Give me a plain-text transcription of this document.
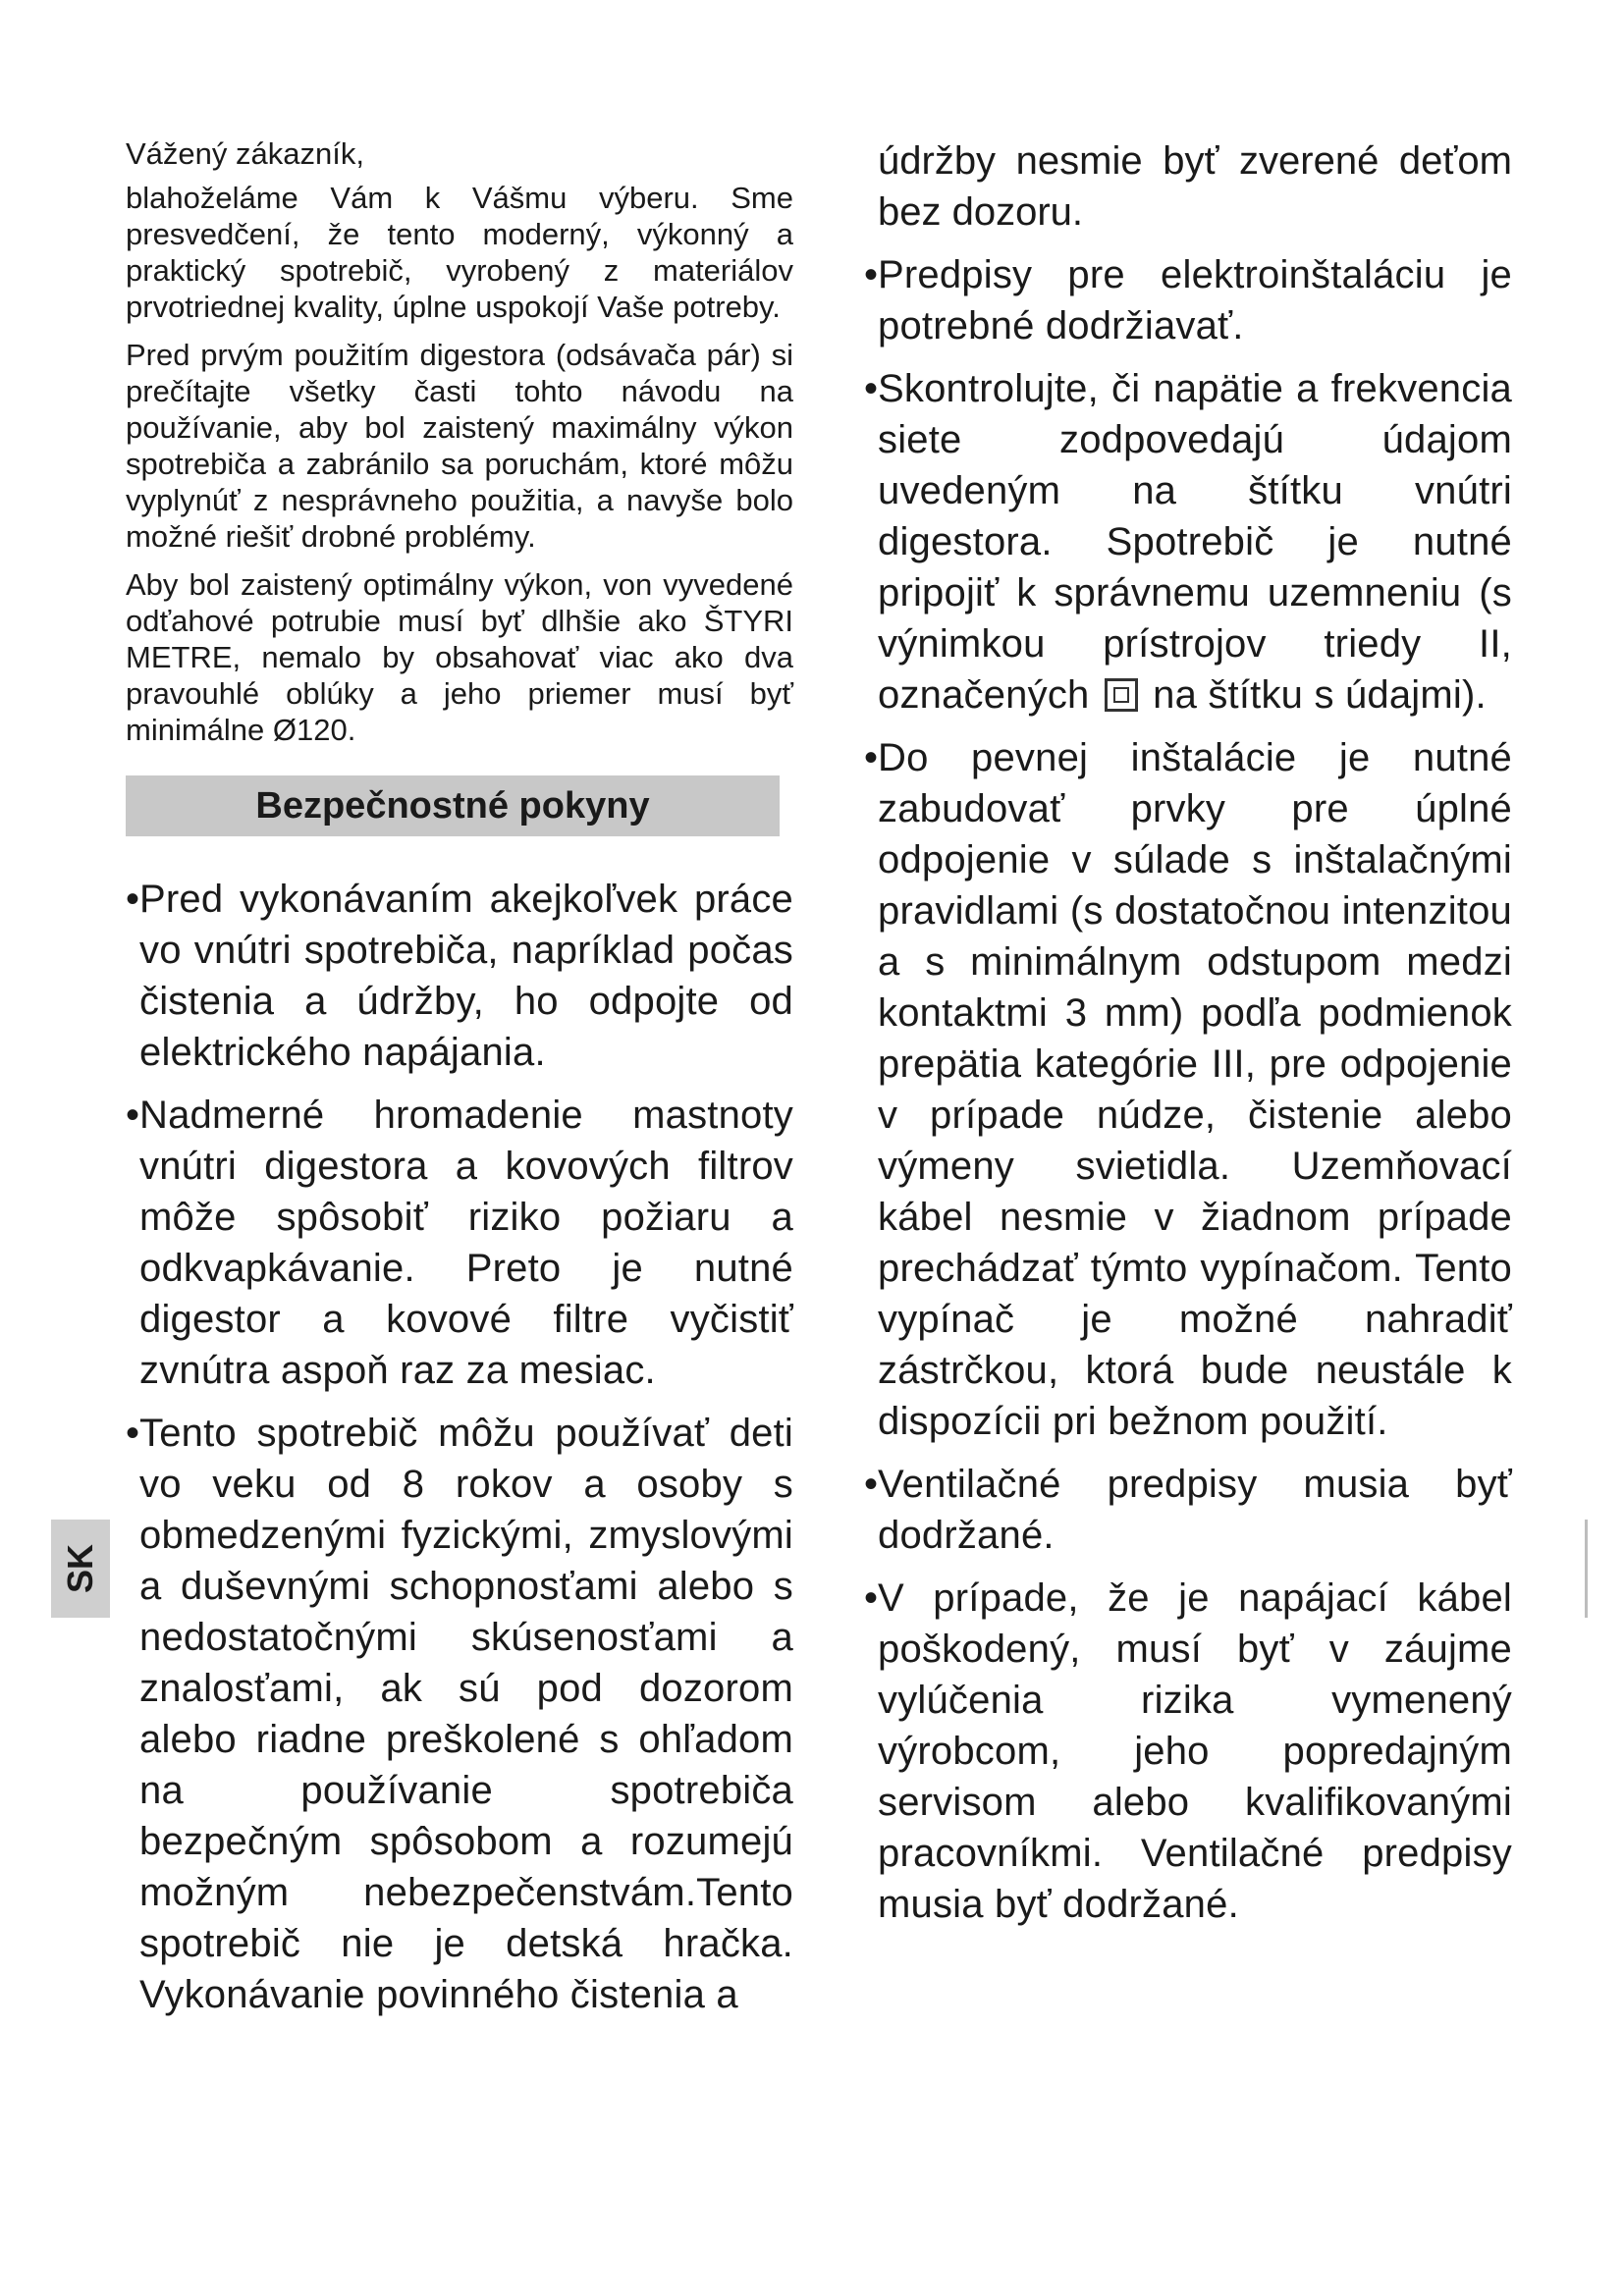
SK

Vážený zákazník,

blahoželáme Vám k Vášmu výberu. Sme presvedčení, že tento moderný, výkonný a praktický spotrebič, vyrobený z materiálov prvotriednej kvality, úplne uspokojí Vaše potreby.

Pred prvým použitím digestora (odsávača pár) si prečítajte všetky časti tohto návodu na používanie, aby bol zaistený maximálny výkon spotrebiča a zabránilo sa poruchám, ktoré môžu vyplynúť z nesprávneho použitia, a navyše bolo možné riešiť drobné problémy.

Aby bol zaistený optimálny výkon, von vyvedené odťahové potrubie musí byť dlhšie ako ŠTYRI METRE, nemalo by obsahovať viac ako dva pravouhlé oblúky a jeho priemer musí byť minimálne Ø120.

Bezpečnostné pokyny
• Pred vykonávaním akejkoľvek práce vo vnútri spotrebiča, napríklad počas čistenia a údržby, ho odpojte od elektrického napájania.
• Nadmerné hromadenie mastnoty vnútri digestora a kovových filtrov môže spôsobiť riziko požiaru a odkvapkávanie. Preto je nutné digestor a kovové filtre vyčistiť zvnútra aspoň raz za mesiac.
• Tento spotrebič môžu používať deti vo veku od 8 rokov a osoby s obmedzenými fyzickými, zmyslovými a duševnými schopnosťami alebo s nedostatočnými skúsenosťami a znalosťami, ak sú pod dozorom alebo riadne preškolené s ohľadom na používanie spotrebiča bezpečným spôsobom a rozumejú možným nebezpečenstvám.Tento spotrebič nie je detská hračka. Vykonávanie povinného čistenia a

údržby nesmie byť zverené deťom bez dozoru.

• Predpisy pre elektroinštaláciu je potrebné dodržiavať.
• Skontrolujte, či napätie a frekvencia siete zodpovedajú údajom uvedeným na štítku vnútri digestora. Spotrebič je nutné pripojiť k správnemu uzemneniu (s výnimkou prístrojov triedy II, označených na štítku s údajmi).
• Do pevnej inštalácie je nutné zabudovať prvky pre úplné odpojenie v súlade s inštalačnými pravidlami (s dostatočnou intenzitou a s minimálnym odstupom medzi kontaktmi 3 mm) podľa podmienok prepätia kategórie III, pre odpojenie v prípade núdze, čistenie alebo výmeny svietidla. Uzemňovací kábel nesmie v žiadnom prípade prechádzať týmto vypínačom. Tento vypínač je možné nahradiť zástrčkou, ktorá bude neustále k dispozícii pri bežnom použití.
• Ventilačné predpisy musia byť dodržané.
• V prípade, že je napájací kábel poškodený, musí byť v záujme vylúčenia rizika vymenený výrobcom, jeho popredajným servisom alebo kvalifikovanými pracovníkmi. Ventilačné predpisy musia byť dodržané.
